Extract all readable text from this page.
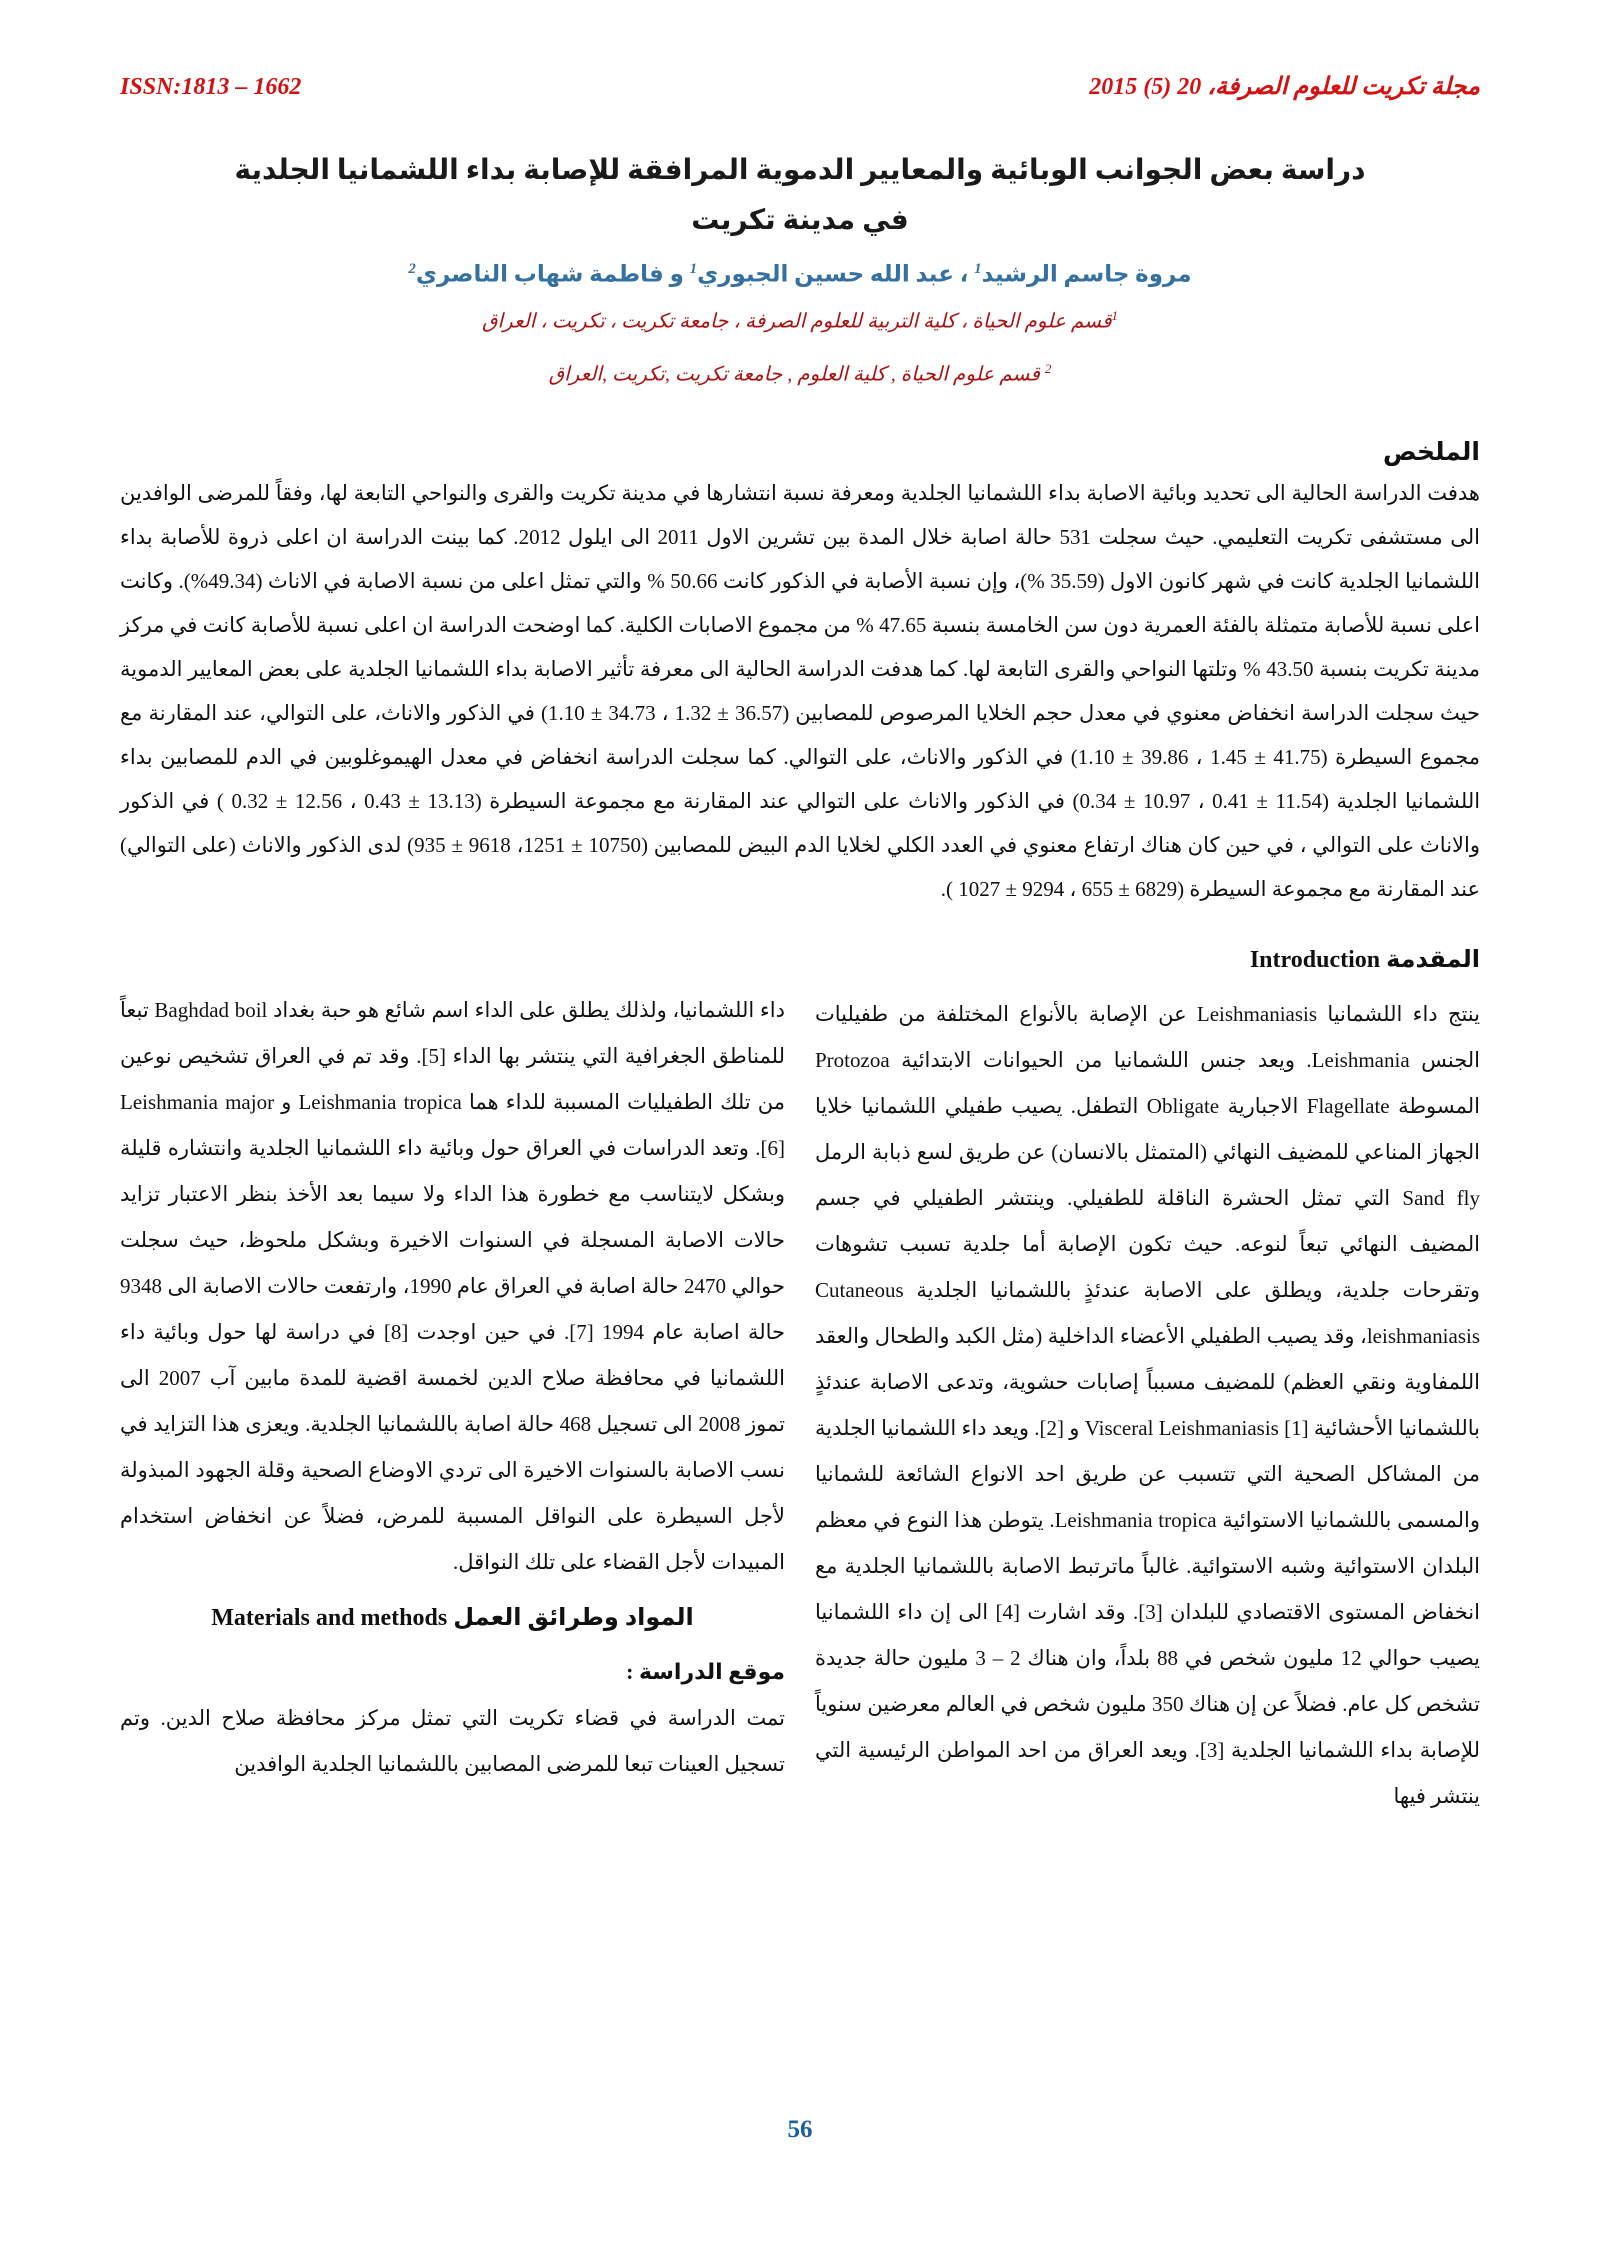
ISSN:1813 – 1662	مجلة تكريت للعلوم الصرفة، 20 (5) 2015
دراسة بعض الجوانب الوبائية والمعايير الدموية المرافقة للإصابة بداء اللشمانيا الجلدية
في مدينة تكريت
مروة جاسم الرشيد$^1$ ، عبد الله حسين الجبوري$^1$ و فاطمة شهاب الناصري$^2$
$^1$قسم علوم الحياة ، كلية التربية للعلوم الصرفة ، جامعة تكريت ، تكريت ، العراق
$^2$ قسم علوم الحياة , كلية العلوم , جامعة تكريت ,تكريت ,العراق
الملخص
هدفت الدراسة الحالية الى تحديد وبائية الاصابة بداء اللشمانيا الجلدية ومعرفة نسبة انتشارها في مدينة تكريت والقرى والنواحي التابعة لها، وفقاً للمرضى الوافدين الى مستشفى تكريت التعليمي. حيث سجلت 531 حالة اصابة خلال المدة بين تشرين الاول 2011 الى ايلول 2012. كما بينت الدراسة ان اعلى ذروة للأصابة بداء اللشمانيا الجلدية كانت في شهر كانون الاول (35.59 %)، وإن نسبة الأصابة في الذكور كانت 50.66 % والتي تمثل اعلى من نسبة الاصابة في الاناث (49.34%). وكانت اعلى نسبة للأصابة متمثلة بالفئة العمرية دون سن الخامسة بنسبة 47.65 % من مجموع الاصابات الكلية. كما اوضحت الدراسة ان اعلى نسبة للأصابة كانت في مركز مدينة تكريت بنسبة 43.50 % وتلتها النواحي والقرى التابعة لها. كما هدفت الدراسة الحالية الى معرفة تأثير الاصابة بداء اللشمانيا الجلدية على بعض المعايير الدموية حيث سجلت الدراسة انخفاض معنوي في معدل حجم الخلايا المرصوص للمصابين (36.57 ± 1.32 ، 34.73 ± 1.10) في الذكور والاناث، على التوالي، عند المقارنة مع مجموع السيطرة (41.75 ± 1.45 ، 39.86 ± 1.10) في الذكور والاناث، على التوالي. كما سجلت الدراسة انخفاض في معدل الهيموغلوبين في الدم للمصابين بداء اللشمانيا الجلدية (11.54 ± 0.41 ، 10.97 ± 0.34) في الذكور والاناث على التوالي عند المقارنة مع مجموعة السيطرة (13.13 ± 0.43 ، 12.56 ± 0.32 ) في الذكور والاناث على التوالي ، في حين كان هناك ارتفاع معنوي في العدد الكلي لخلايا الدم البيض للمصابين (10750 ± 1251، 9618 ± 935) لدى الذكور والاناث (على التوالي) عند المقارنة مع مجموعة السيطرة (6829 ± 655 ، 9294 ± 1027 ).
المقدمة Introduction
ينتج داء اللشمانيا Leishmaniasis عن الإصابة بالأنواع المختلفة من طفيليات الجنس Leishmania. ويعد جنس اللشمانيا من الحيوانات الابتدائية Protozoa المسوطة Flagellate الاجبارية Obligate التطفل. يصيب طفيلي اللشمانيا خلايا الجهاز المناعي للمضيف النهائي (المتمثل بالانسان) عن طريق لسع ذبابة الرمل Sand fly التي تمثل الحشرة الناقلة للطفيلي. وينتشر الطفيلي في جسم المضيف النهائي تبعاً لنوعه. حيث تكون الإصابة أما جلدية تسبب تشوهات وتقرحات جلدية، ويطلق على الاصابة عندئذٍ باللشمانيا الجلدية Cutaneous leishmaniasis، وقد يصيب الطفيلي الأعضاء الداخلية (مثل الكبد والطحال والعقد اللمفاوية ونقي العظم) للمضيف مسبباً إصابات حشوية، وتدعى الاصابة عندئذٍ باللشمانيا الأحشائية Visceral Leishmaniasis [1] و [2]. ويعد داء اللشمانيا الجلدية من المشاكل الصحية التي تتسبب عن طريق احد الانواع الشائعة للشمانيا والمسمى باللشمانيا الاستوائية Leishmania tropica. يتوطن هذا النوع في معظم البلدان الاستوائية وشبه الاستوائية. غالباً ماترتبط الاصابة باللشمانيا الجلدية مع انخفاض المستوى الاقتصادي للبلدان [3]. وقد اشارت [4] الى إن داء اللشمانيا يصيب حوالي 12 مليون شخص في 88 بلداً، وان هناك 2 – 3 مليون حالة جديدة تشخص كل عام. فضلاً عن إن هناك 350 مليون شخص في العالم معرضين سنوياً للإصابة بداء اللشمانيا الجلدية [3]. ويعد العراق من احد المواطن الرئيسية التي ينتشر فيها
داء اللشمانيا، ولذلك يطلق على الداء اسم شائع هو حبة بغداد Baghdad boil تبعاً للمناطق الجغرافية التي ينتشر بها الداء [5]. وقد تم في العراق تشخيص نوعين من تلك الطفيليات المسببة للداء هما Leishmania tropica و Leishmania major [6]. وتعد الدراسات في العراق حول وبائية داء اللشمانيا الجلدية وانتشاره قليلة وبشكل لايتناسب مع خطورة هذا الداء ولا سيما بعد الأخذ بنظر الاعتبار تزايد حالات الاصابة المسجلة في السنوات الاخيرة وبشكل ملحوظ، حيث سجلت حوالي 2470 حالة اصابة في العراق عام 1990، وارتفعت حالات الاصابة الى 9348 حالة اصابة عام 1994 [7]. في حين اوجدت [8] في دراسة لها حول وبائية داء اللشمانيا في محافظة صلاح الدين لخمسة اقضية للمدة مابين آب 2007 الى تموز 2008 الى تسجيل 468 حالة اصابة باللشمانيا الجلدية. ويعزى هذا التزايد في نسب الاصابة بالسنوات الاخيرة الى تردي الاوضاع الصحية وقلة الجهود المبذولة لأجل السيطرة على النواقل المسببة للمرض، فضلاً عن انخفاض استخدام المبيدات لأجل القضاء على تلك النواقل.
المواد وطرائق العمل Materials and methods
موقع الدراسة :
تمت الدراسة في قضاء تكريت التي تمثل مركز محافظة صلاح الدين. وتم تسجيل العينات تبعا للمرضى المصابين باللشمانيا الجلدية الوافدين
56
